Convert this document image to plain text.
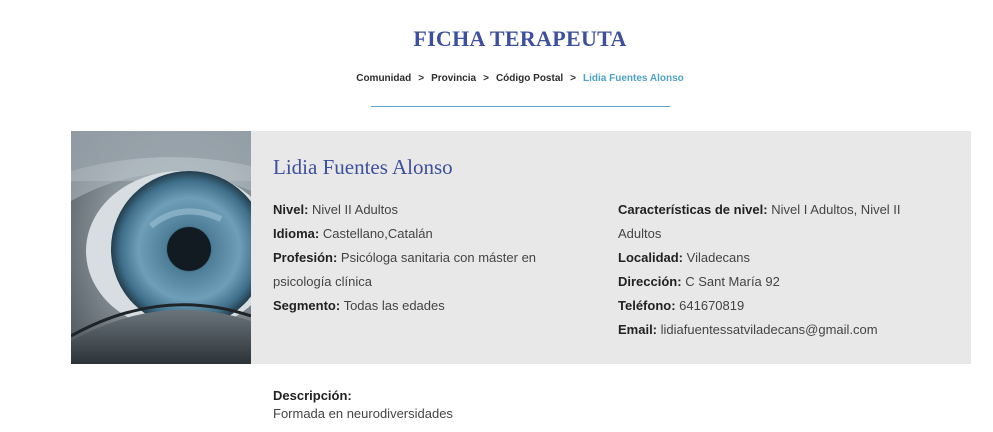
FICHA TERAPEUTA
Comunidad > Provincia > Código Postal > Lidia Fuentes Alonso
Lidia Fuentes Alonso
Nivel: Nivel II Adultos
Idioma: Castellano,Catalán
Profesión: Psicóloga sanitaria con máster en psicología clínica
Segmento: Todas las edades
Características de nivel: Nivel I Adultos, Nivel II Adultos
Localidad: Viladecans
Dirección: C Sant María 92
Teléfono: 641670819
Email: lidiafuentessatviladecans@gmail.com
Descripción:
Formada en neurodiversidades
